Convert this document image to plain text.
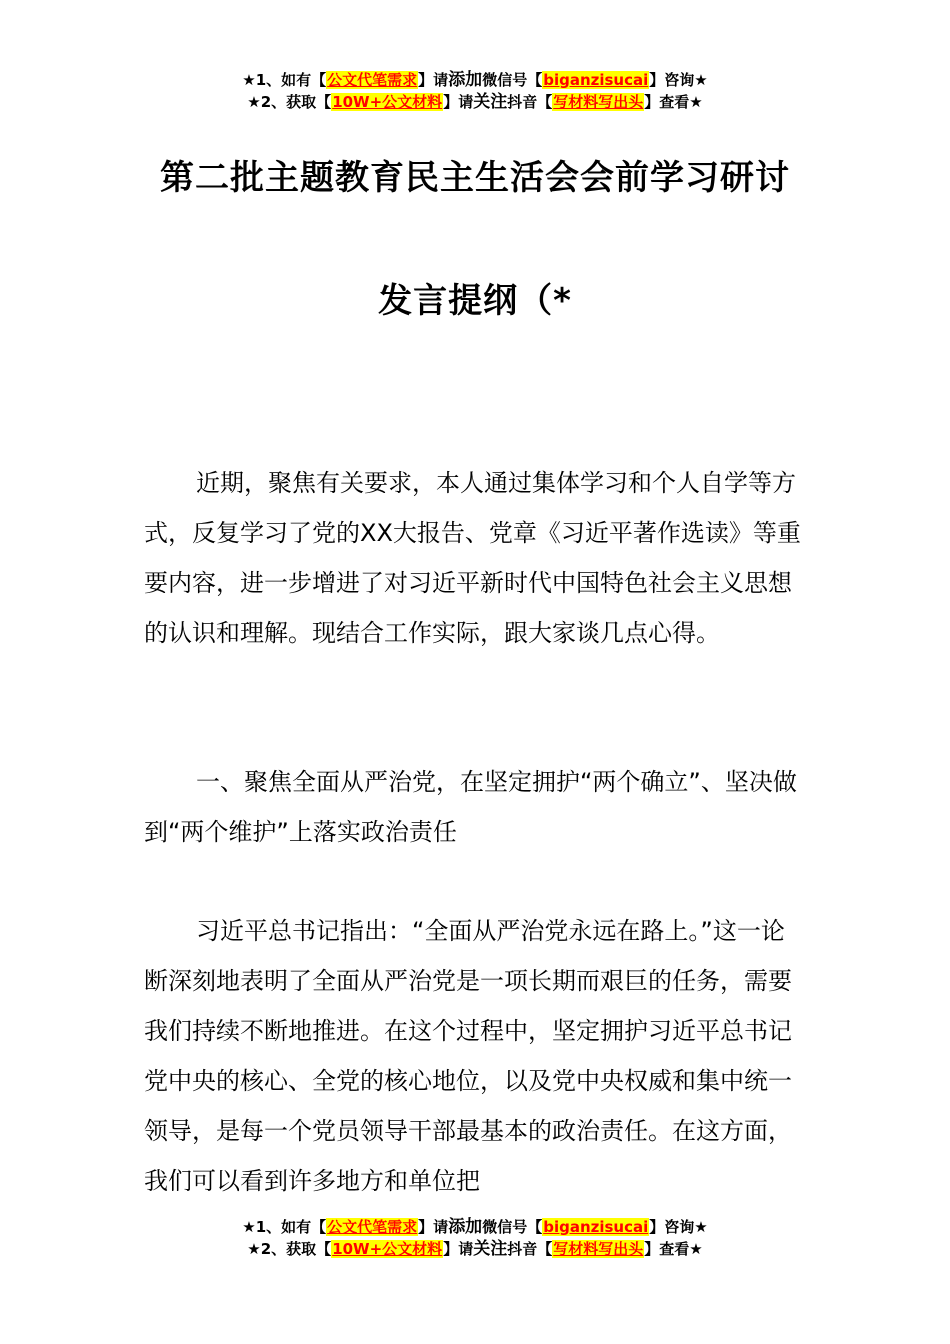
★1、如有【公文代笔需求】请添加微信号【biganzisucai】咨询★
★2、获取【10W+公文材料】请关注抖音【写材料写出头】查看★
第二批主题教育民主生活会会前学习研讨
发言提纲（*

近期，聚焦有关要求，本人通过集体学习和个人自学等方式，反复学习了党的XX大报告、党章《习近平著作选读》等重要内容，进一步增进了对习近平新时代中国特色社会主义思想的认识和理解。现结合工作实际，跟大家谈几点心得。

一、聚焦全面从严治党，在坚定拥护“两个确立”、坚决做到“两个维护”上落实政治责任

习近平总书记指出：“全面从严治党永远在路上。”这一论断深刻地表明了全面从严治党是一项长期而艰巨的任务，需要我们持续不断地推进。在这个过程中，坚定拥护习近平总书记党中央的核心、全党的核心地位，以及党中央权威和集中统一领导，是每一个党员领导干部最基本的政治责任。在这方面，我们可以看到许多地方和单位把

★1、如有【公文代笔需求】请添加微信号【biganzisucai】咨询★
★2、获取【10W+公文材料】请关注抖音【写材料写出头】查看★
